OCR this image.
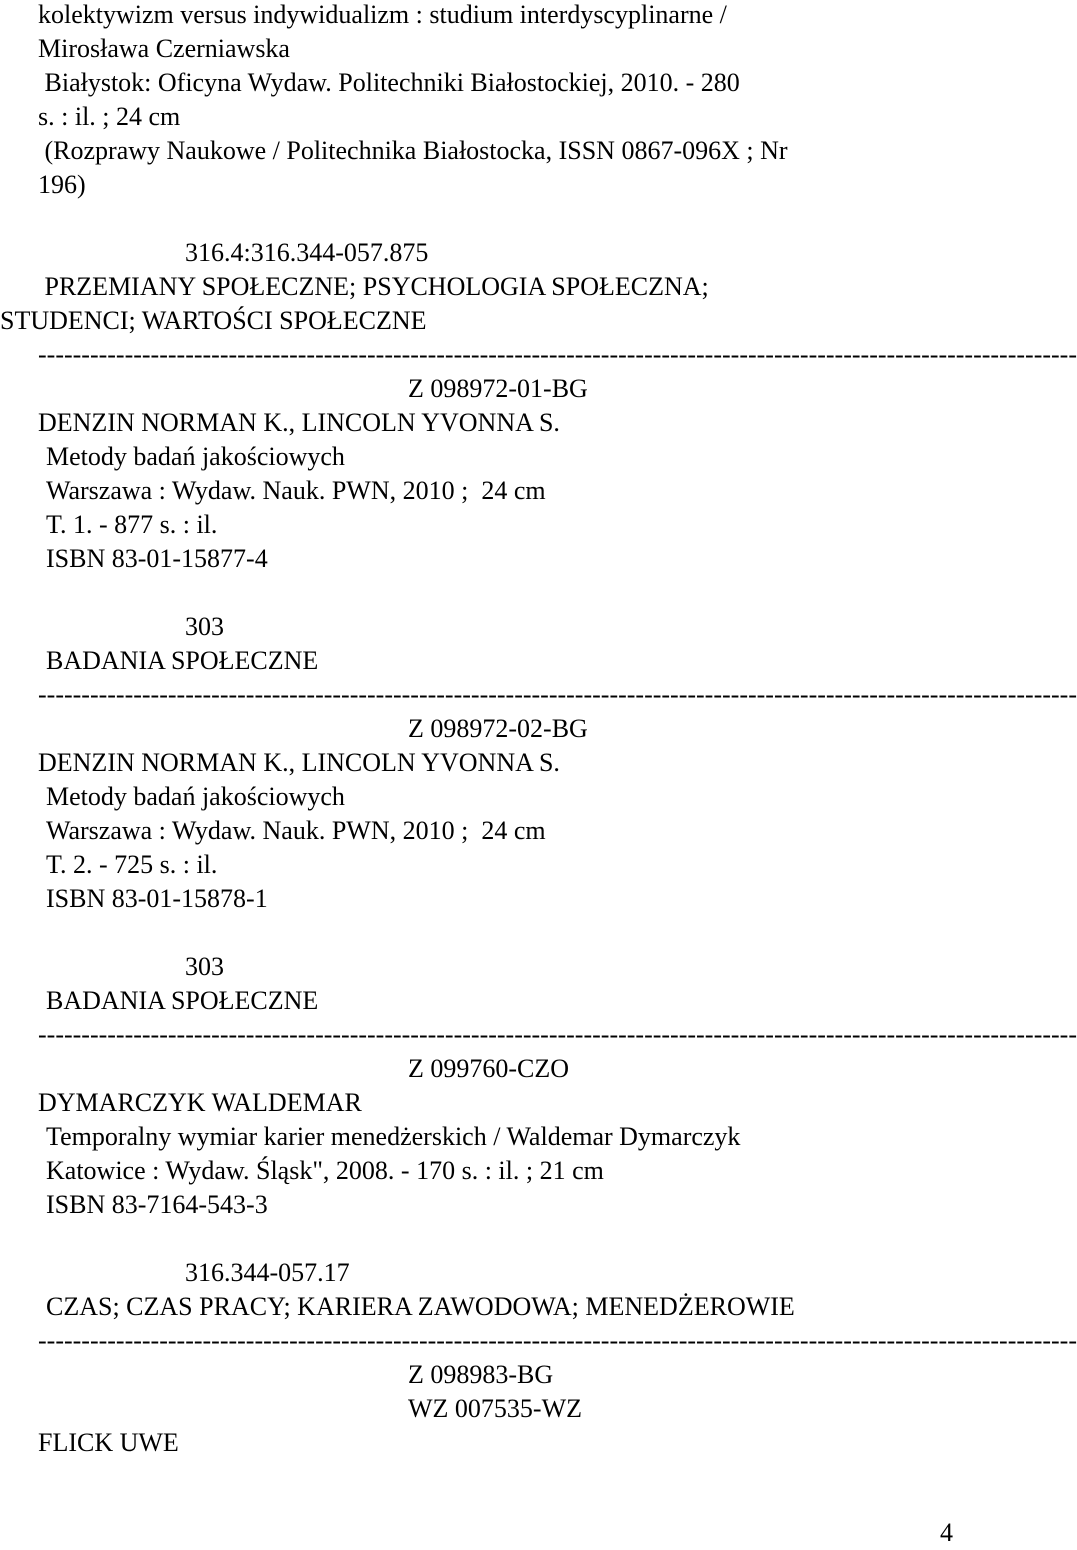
kolektywizm versus indywidualizm : studium interdyscyplinarne /
Mirosława Czerniawska
Białystok: Oficyna Wydaw. Politechniki Białostockiej, 2010. - 280
s. : il. ; 24 cm
(Rozprawy Naukowe / Politechnika Białostocka, ISSN 0867-096X ; Nr
196)
316.4:316.344-057.875
PRZEMIANY SPOŁECZNE; PSYCHOLOGIA SPOŁECZNA;
STUDENCI; WARTOŚCI SPOŁECZNE
------------------------------------------------------------------------------------------------------------------------
Z 098972-01-BG
DENZIN NORMAN K., LINCOLN YVONNA S.
Metody badań jakościowych
Warszawa : Wydaw. Nauk. PWN, 2010 ;  24 cm
T. 1. - 877 s. : il.
ISBN 83-01-15877-4
303
BADANIA SPOŁECZNE
------------------------------------------------------------------------------------------------------------------------
Z 098972-02-BG
DENZIN NORMAN K., LINCOLN YVONNA S.
Metody badań jakościowych
Warszawa : Wydaw. Nauk. PWN, 2010 ;  24 cm
T. 2. - 725 s. : il.
ISBN 83-01-15878-1
303
BADANIA SPOŁECZNE
------------------------------------------------------------------------------------------------------------------------
Z 099760-CZO
DYMARCZYK WALDEMAR
Temporalny wymiar karier menedżerskich / Waldemar Dymarczyk
Katowice : Wydaw. Śląsk", 2008. - 170 s. : il. ; 21 cm
ISBN 83-7164-543-3
316.344-057.17
CZAS; CZAS PRACY; KARIERA ZAWODOWA; MENEDŻEROWIE
------------------------------------------------------------------------------------------------------------------------
Z 098983-BG
WZ 007535-WZ
FLICK UWE
4
